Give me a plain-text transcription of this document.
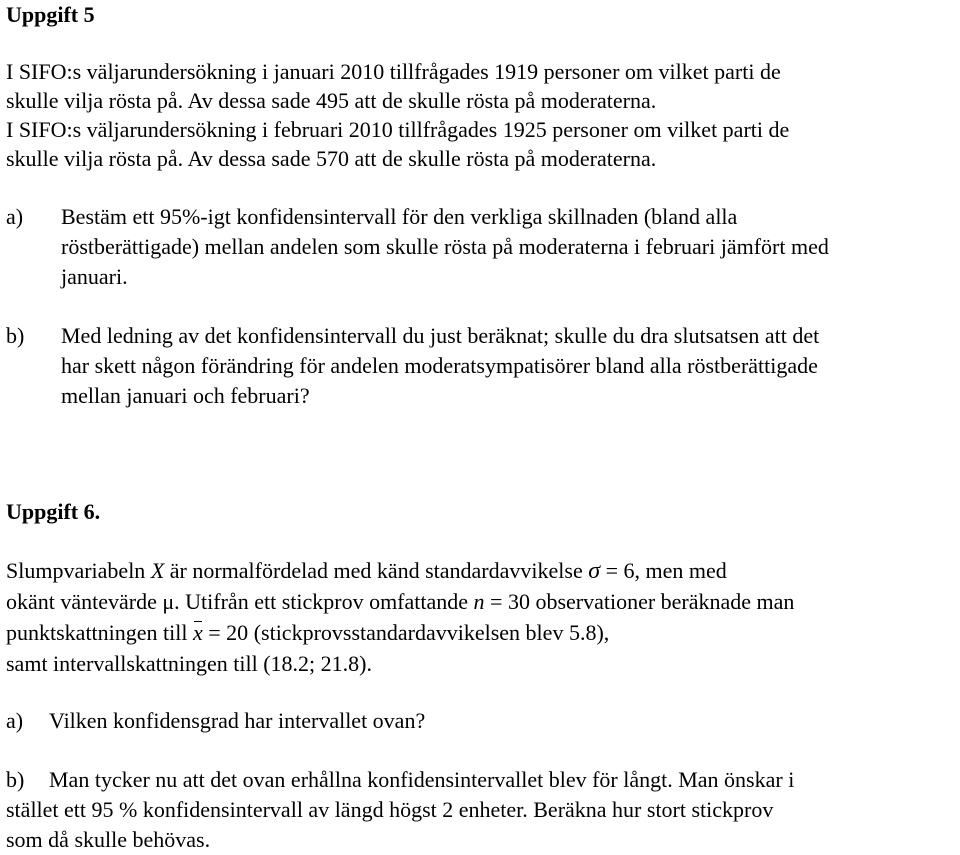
Uppgift 5
I SIFO:s väljarundersökning i januari 2010 tillfrågades 1919 personer om vilket parti de
skulle vilja rösta på. Av dessa sade 495 att de skulle rösta på moderaterna.
I SIFO:s väljarundersökning i februari 2010 tillfrågades 1925 personer om vilket parti de
skulle vilja rösta på. Av dessa sade 570 att de skulle rösta på moderaterna.
a) Bestäm ett 95%-igt konfidensintervall för den verkliga skillnaden (bland alla
röstberättigade) mellan andelen som skulle rösta på moderaterna i februari jämfört med
januari.
b) Med ledning av det konfidensintervall du just beräknat; skulle du dra slutsatsen att det
har skett någon förändring för andelen moderatsympatisörer bland alla röstberättigade
mellan januari och februari?
Uppgift 6.
Slumpvariabeln X är normalfördelad med känd standardavvikelse σ = 6, men med
okänt väntevärde μ. Utifrån ett stickprov omfattande n = 30 observationer beräknade man
punktskattningen till x = 20 (stickprovsstandardavvikelsen blev 5.8),
samt intervallskattningen till (18.2; 21.8).
a) Vilken konfidensgrad har intervallet ovan?
b) Man tycker nu att det ovan erhållna konfidensintervallet blev för långt. Man önskar i
stället ett 95 % konfidensintervall av längd högst 2 enheter. Beräkna hur stort stickprov
som då skulle behövas.
